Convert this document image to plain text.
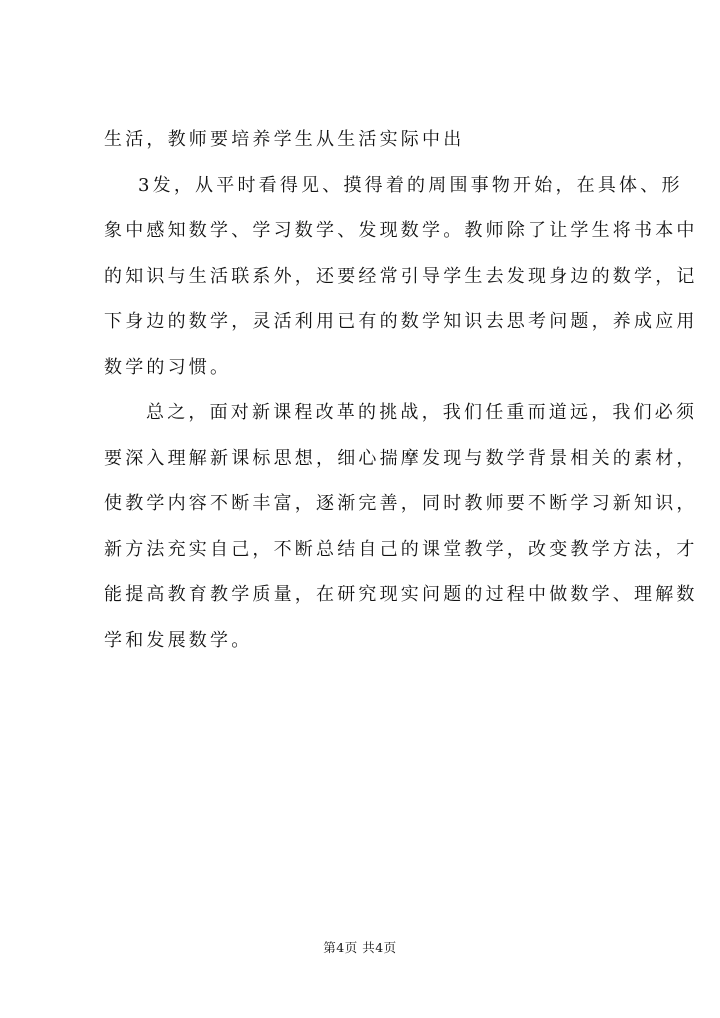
生活，教师要培养学生从生活实际中出
3发，从平时看得见、摸得着的周围事物开始，在具体、形
象中感知数学、学习数学、发现数学。教师除了让学生将书本中
的知识与生活联系外，还要经常引导学生去发现身边的数学，记
下身边的数学，灵活利用已有的数学知识去思考问题，养成应用
数学的习惯。
总之，面对新课程改革的挑战，我们任重而道远，我们必须
要深入理解新课标思想，细心揣摩发现与数学背景相关的素材，
使教学内容不断丰富，逐渐完善，同时教师要不断学习新知识，
新方法充实自己，不断总结自己的课堂教学，改变教学方法，才
能提高教育教学质量，在研究现实问题的过程中做数学、理解数
学和发展数学。
第4页 共4页
